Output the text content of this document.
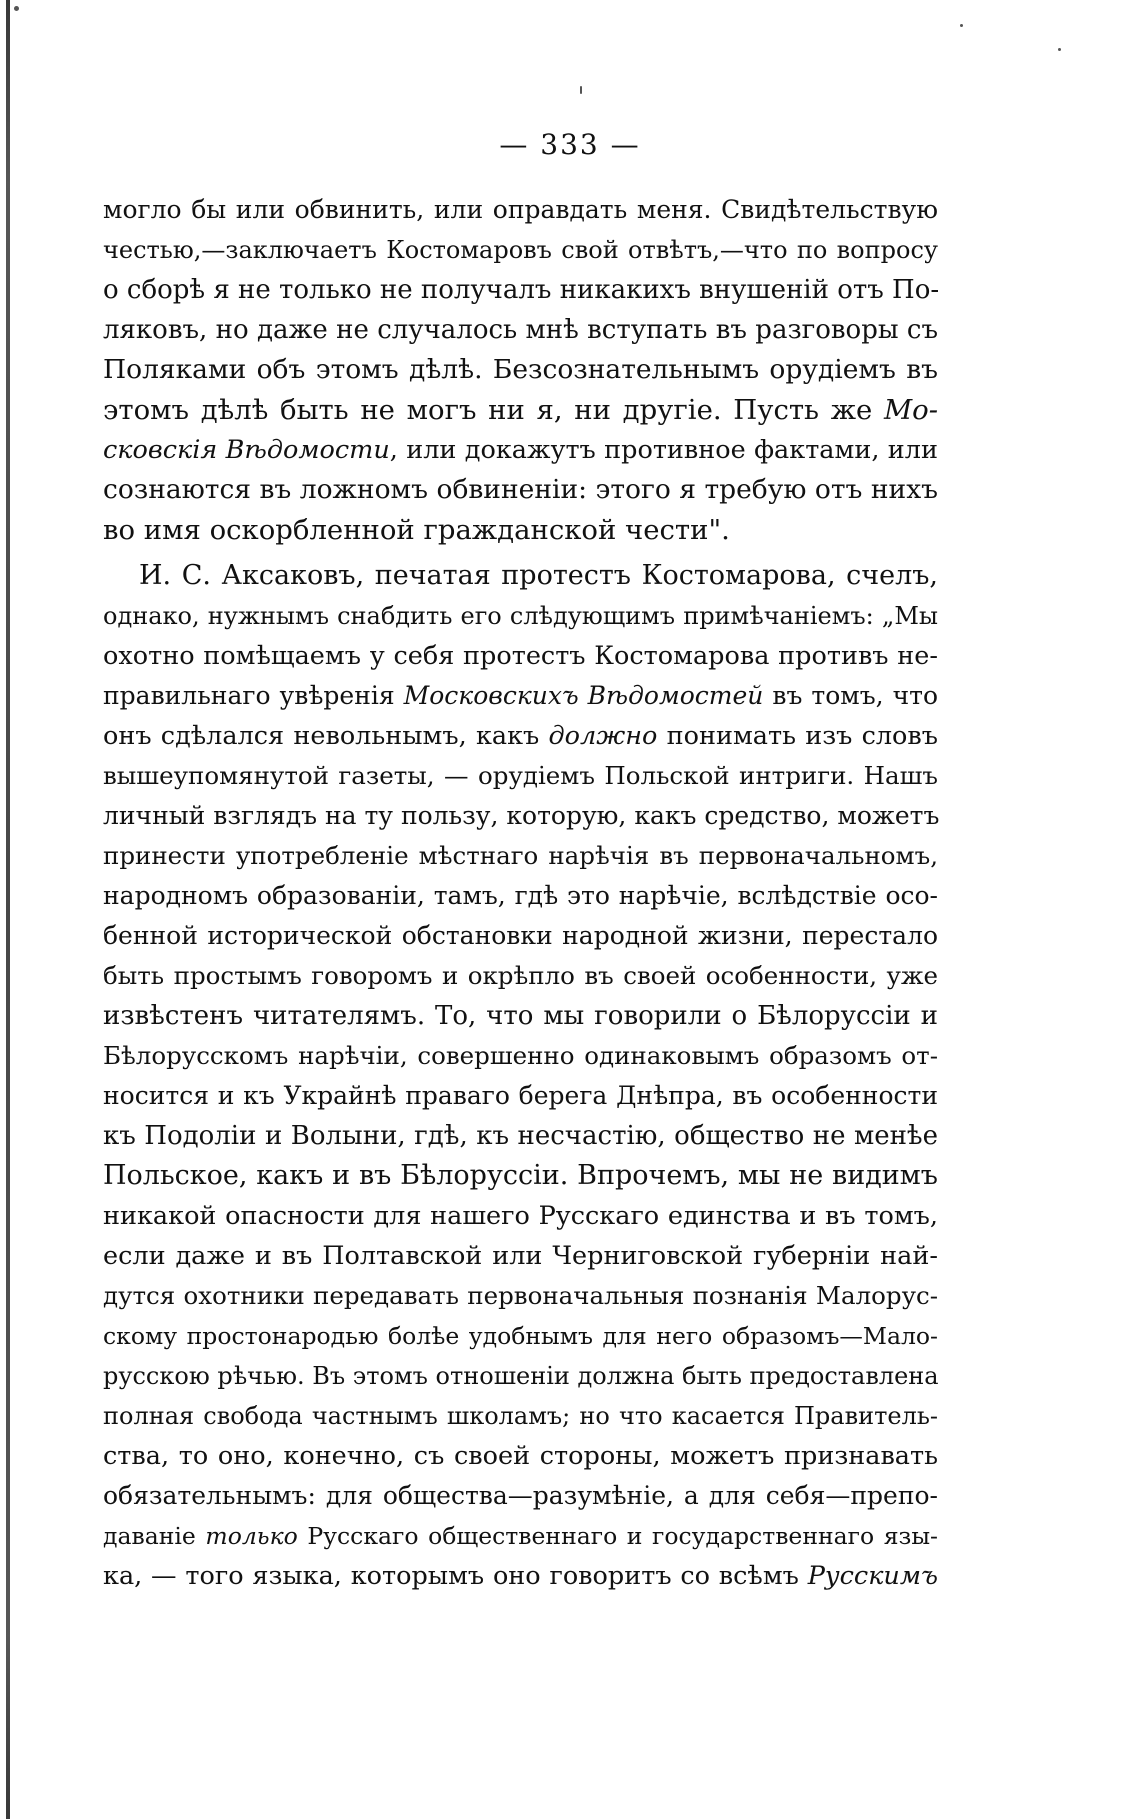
— 333 —
могло бы или обвинить, или оправдать меня. Свидѣтельствую
честью,—заключаетъ Костомаровъ свой отвѣтъ,—что по вопросу
о сборѣ я не только не получалъ никакихъ внушеній отъ По-
ляковъ, но даже не случалось мнѣ вступать въ разговоры съ
Поляками объ этомъ дѣлѣ. Безсознательнымъ орудіемъ въ
этомъ дѣлѣ быть не могъ ни я, ни другіе. Пусть же Мо-
сковскія Вѣдомости, или докажутъ противное фактами, или
сознаются въ ложномъ обвиненіи: этого я требую отъ нихъ
во имя оскорбленной гражданской чести".
И. С. Аксаковъ, печатая протестъ Костомарова, счелъ,
однако, нужнымъ снабдить его слѣдующимъ примѣчаніемъ: „Мы
охотно помѣщаемъ у себя протестъ Костомарова противъ не-
правильнаго увѣренія Московскихъ Вѣдомостей въ томъ, что
онъ сдѣлался невольнымъ, какъ должно понимать изъ словъ
вышеупомянутой газеты, — орудіемъ Польской интриги. Нашъ
личный взглядъ на ту пользу, которую, какъ средство, можетъ
принести употребленіе мѣстнаго нарѣчія въ первоначальномъ,
народномъ образованіи, тамъ, гдѣ это нарѣчіе, вслѣдствіе осо-
бенной исторической обстановки народной жизни, перестало
быть простымъ говоромъ и окрѣпло въ своей особенности, уже
извѣстенъ читателямъ. То, что мы говорили о Бѣлоруссіи и
Бѣлорусскомъ нарѣчіи, совершенно одинаковымъ образомъ от-
носится и къ Украйнѣ праваго берега Днѣпра, въ особенности
къ Подоліи и Волыни, гдѣ, къ несчастію, общество не менѣе
Польское, какъ и въ Бѣлоруссіи. Впрочемъ, мы не видимъ
никакой опасности для нашего Русскаго единства и въ томъ,
если даже и въ Полтавской или Черниговской губерніи най-
дутся охотники передавать первоначальныя познанія Малорус-
скому простонародью болѣе удобнымъ для него образомъ—Мало-
русскою рѣчью. Въ этомъ отношеніи должна быть предоставлена
полная свобода частнымъ школамъ; но что касается Правитель-
ства, то оно, конечно, съ своей стороны, можетъ признавать
обязательнымъ: для общества—разумѣніе, а для себя—препо-
даваніе только Русскаго общественнаго и государственнаго язы-
ка, — того языка, которымъ оно говоритъ со всѣмъ Русскимъ
